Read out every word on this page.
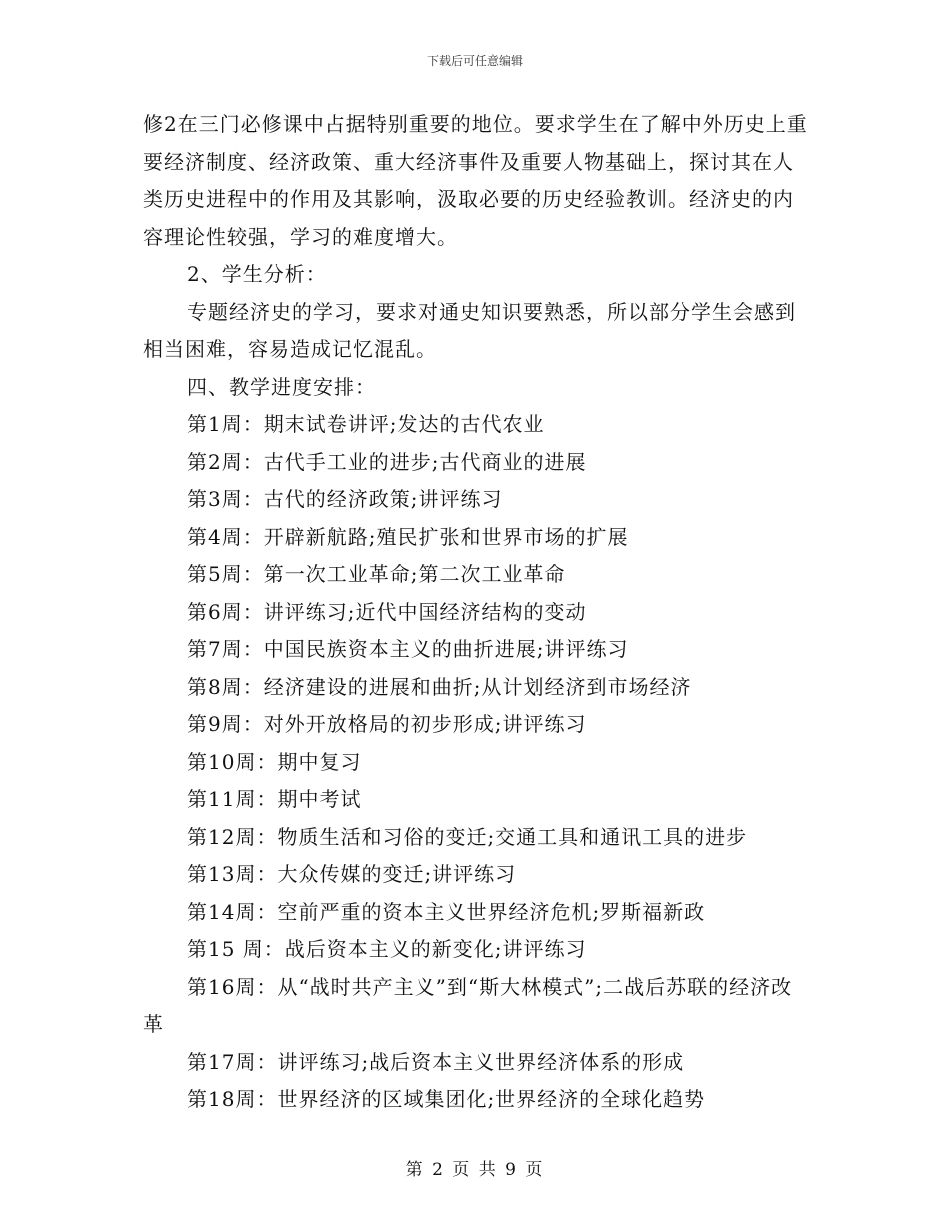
下载后可任意编辑

修2在三门必修课中占据特别重要的地位。要求学生在了解中外历史上重要经济制度、经济政策、重大经济事件及重要人物基础上，探讨其在人类历史进程中的作用及其影响，汲取必要的历史经验教训。经济史的内容理论性较强，学习的难度增大。

2、学生分析：

专题经济史的学习，要求对通史知识要熟悉，所以部分学生会感到相当困难，容易造成记忆混乱。

四、教学进度安排：

第1周：期末试卷讲评;发达的古代农业

第2周：古代手工业的进步;古代商业的进展

第3周：古代的经济政策;讲评练习

第4周：开辟新航路;殖民扩张和世界市场的扩展

第5周：第一次工业革命;第二次工业革命

第6周：讲评练习;近代中国经济结构的变动

第7周：中国民族资本主义的曲折进展;讲评练习

第8周：经济建设的进展和曲折;从计划经济到市场经济

第9周：对外开放格局的初步形成;讲评练习

第10周：期中复习

第11周：期中考试

第12周：物质生活和习俗的变迁;交通工具和通讯工具的进步

第13周：大众传媒的变迁;讲评练习

第14周：空前严重的资本主义世界经济危机;罗斯福新政

第15 周：战后资本主义的新变化;讲评练习

第16周：从“战时共产主义”到“斯大林模式”;二战后苏联的经济改革

第17周：讲评练习;战后资本主义世界经济体系的形成

第18周：世界经济的区域集团化;世界经济的全球化趋势

第 2 页 共 9 页
